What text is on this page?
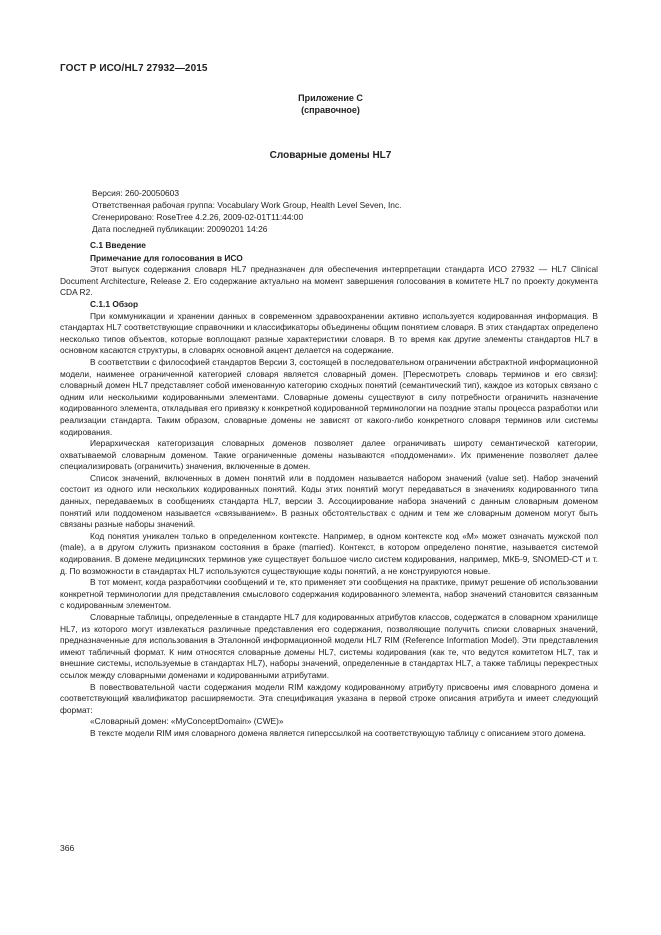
ГОСТ Р ИСО/HL7 27932—2015
Приложение С
(справочное)
Словарные домены HL7
Версия: 260-20050603
Ответственная рабочая группа: Vocabulary Work Group, Health Level Seven, Inc.
Сгенерировано: RoseTree 4.2.26, 2009-02-01T11:44:00
Дата последней публикации: 20090201 14:26

С.1 Введение

Примечание для голосования в ИСО

Этот выпуск содержания словаря HL7 предназначен для обеспечения интерпретации стандарта ИСО 27932 — HL7 Clinical Document Architecture, Release 2. Его содержание актуально на момент завершения голосования в комитете HL7 по проекту документа CDA R2.

С.1.1 Обзор

При коммуникации и хранении данных в современном здравоохранении активно используется кодированная информация. В стандартах HL7 соответствующие справочники и классификаторы объединены общим понятием словаря. В этих стандартах определено несколько типов объектов, которые воплощают разные характеристики словаря. В то время как другие элементы стандартов HL7 в основном касаются структуры, в словарях основной акцент делается на содержание.

В соответствии с философией стандартов Версии 3, состоящей в последовательном ограничении абстрактной информационной модели, наименее ограниченной категорией словаря является словарный домен. [Пересмотреть словарь терминов и его связи]: словарный домен HL7 представляет собой именованную категорию сходных понятий (семантический тип), каждое из которых связано с одним или несколькими кодированными элементами. Словарные домены существуют в силу потребности ограничить назначение кодированного элемента, откладывая его привязку к конкретной кодированной терминологии на поздние этапы процесса разработки или реализации стандарта. Таким образом, словарные домены не зависят от какого-либо конкретного словаря терминов или системы кодирования.

Иерархическая категоризация словарных доменов позволяет далее ограничивать широту семантической категории, охватываемой словарным доменом. Такие ограниченные домены называются «поддоменами». Их применение позволяет далее специализировать (ограничить) значения, включенные в домен.

Список значений, включенных в домен понятий или в поддомен называется набором значений (value set). Набор значений состоит из одного или нескольких кодированных понятий. Коды этих понятий могут передаваться в значениях кодированного типа данных, передаваемых в сообщениях стандарта HL7, версии 3. Ассоциирование набора значений с данным словарным доменом понятий или поддоменом называется «связыванием». В разных обстоятельствах с одним и тем же словарным доменом могут быть связаны разные наборы значений.

Код понятия уникален только в определенном контексте. Например, в одном контексте код «M» может означать мужской пол (male), а в другом служить признаком состояния в браке (married). Контекст, в котором определено понятие, называется системой кодирования. В домене медицинских терминов уже существует большое число систем кодирования, например, МКБ-9, SNOMED-CT и т. д. По возможности в стандартах HL7 используются существующие коды понятий, а не конструируются новые.

В тот момент, когда разработчики сообщений и те, кто применяет эти сообщения на практике, примут решение об использовании конкретной терминологии для представления смыслового содержания кодированного элемента, набор значений становится связанным с кодированным элементом.

Словарные таблицы, определенные в стандарте HL7 для кодированных атрибутов классов, содержатся в словарном хранилище HL7, из которого могут извлекаться различные представления его содержания, позволяющие получить списки словарных значений, предназначенные для использования в Эталонной информационной модели HL7 RIM (Reference Information Model). Эти представления имеют табличный формат. К ним относятся словарные домены HL7, системы кодирования (как те, что ведутся комитетом HL7, так и внешние системы, используемые в стандартах HL7), наборы значений, определенные в стандартах HL7, а также таблицы перекрестных ссылок между словарными доменами и кодированными атрибутами.

В повествовательной части содержания модели RIM каждому кодированному атрибуту присвоены имя словарного домена и соответствующий квалификатор расширяемости. Эта спецификация указана в первой строке описания атрибута и имеет следующий формат:

«Словарный домен: «MyConceptDomain» (CWE)»

В тексте модели RIM имя словарного домена является гиперссылкой на соответствующую таблицу с описанием этого домена.

366
